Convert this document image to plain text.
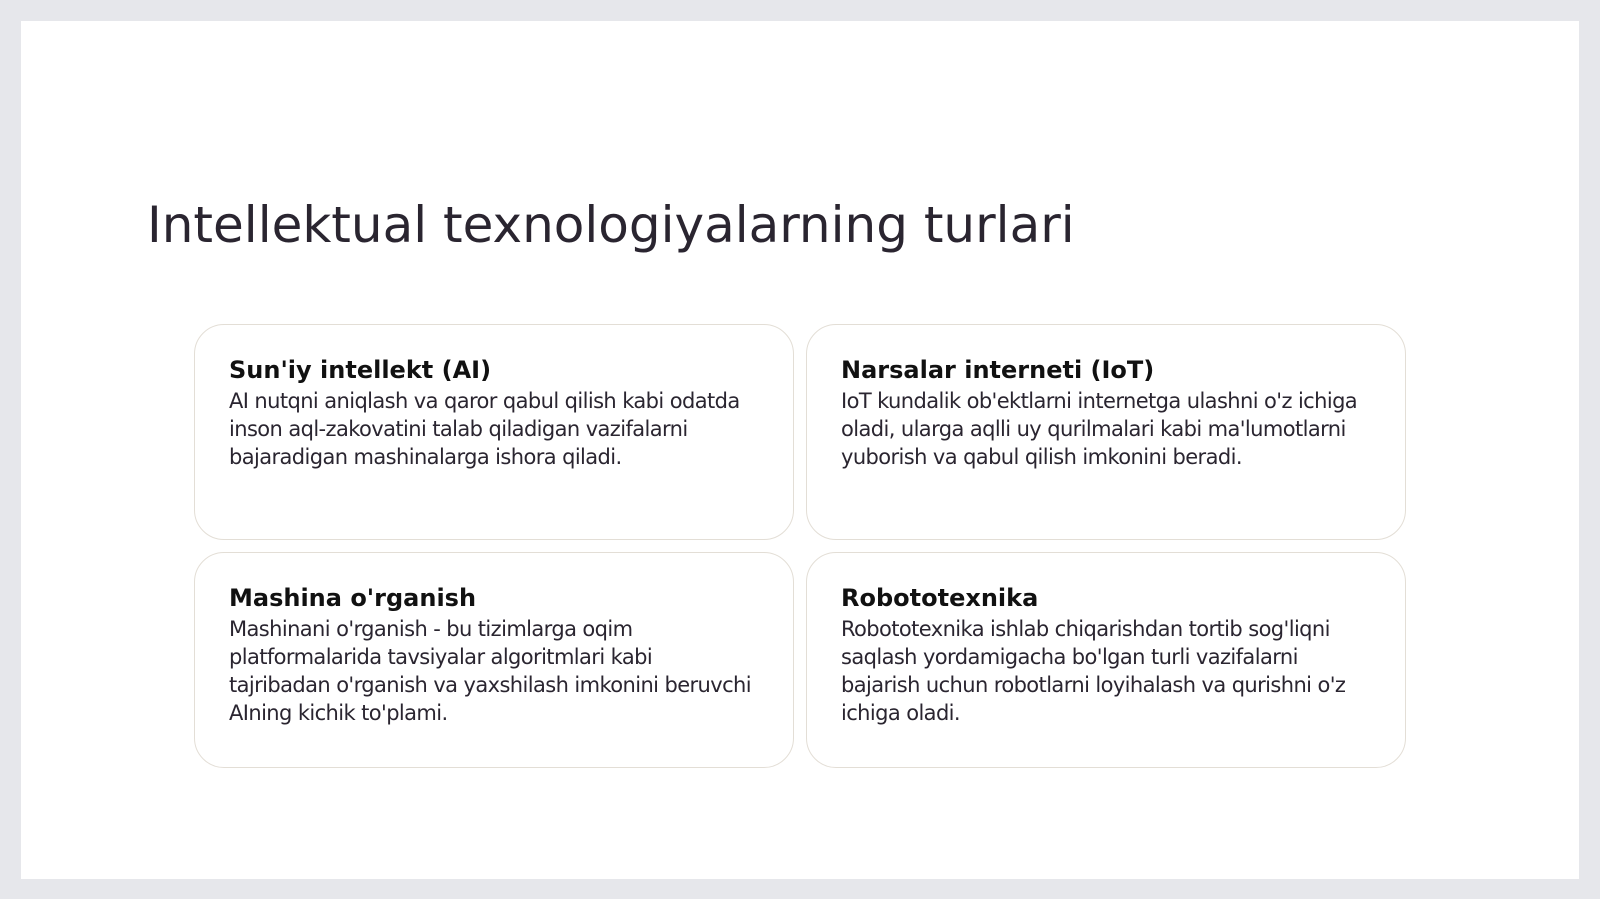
Intellektual texnologiyalarning turlari
Sun'iy intellekt (AI)

AI nutqni aniqlash va qaror qabul qilish kabi odatda inson aql-zakovatini talab qiladigan vazifalarni bajaradigan mashinalarga ishora qiladi.

Narsalar interneti (IoT)

IoT kundalik ob'ektlarni internetga ulashni o'z ichiga oladi, ularga aqlli uy qurilmalari kabi ma'lumotlarni yuborish va qabul qilish imkonini beradi.

Mashina o'rganish

Mashinani o'rganish - bu tizimlarga oqim platformalarida tavsiyalar algoritmlari kabi tajribadan o'rganish va yaxshilash imkonini beruvchi AIning kichik to'plami.

Robototexnika

Robototexnika ishlab chiqarishdan tortib sog'liqni saqlash yordamigacha bo'lgan turli vazifalarni bajarish uchun robotlarni loyihalash va qurishni o'z ichiga oladi.
